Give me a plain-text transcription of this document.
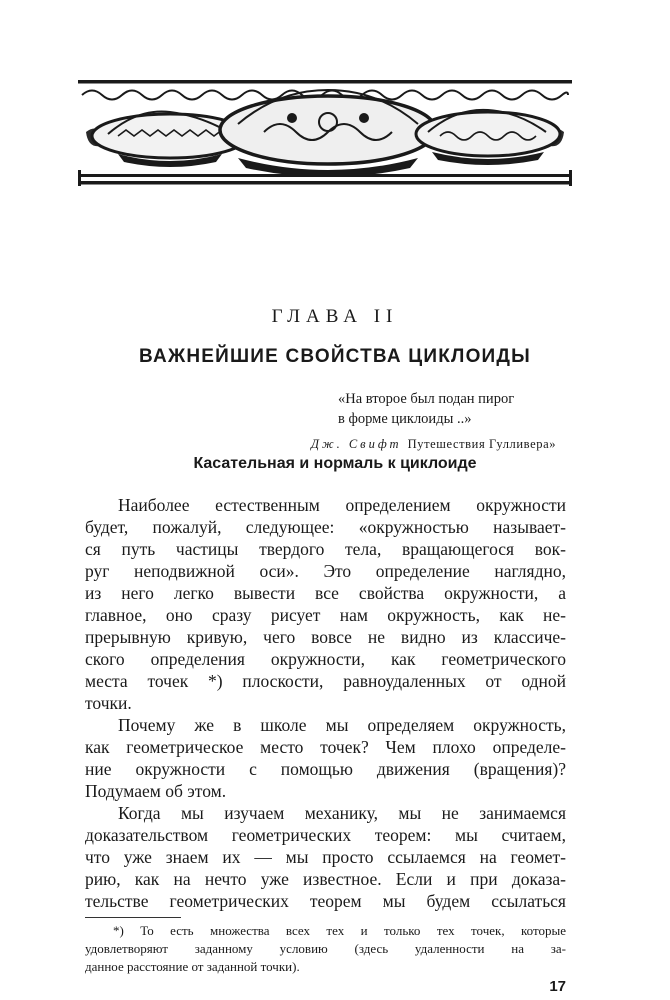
ГЛАВА II
ВАЖНЕЙШИЕ СВОЙСТВА ЦИКЛОИДЫ
«На второе был подан пирог
в форме циклоиды ..»
Дж. Свифт Путешествия Гулливера»
Касательная и нормаль к циклоиде
Наиболее естественным определением окружности
будет, пожалуй, следующее: «окружностью называет-
ся путь частицы твердого тела, вращающегося вок-
руг неподвижной оси». Это определение наглядно,
из него легко вывести все свойства окружности, а
главное, оно сразу рисует нам окружность, как не-
прерывную кривую, чего вовсе не видно из классиче-
ского определения окружности, как геометрического
места точек *) плоскости, равноудаленных от одной
точки.
Почему же в школе мы определяем окружность,
как геометрическое место точек? Чем плохо определе-
ние окружности с помощью движения (вращения)?
Подумаем об этом.
Когда мы изучаем механику, мы не занимаемся
доказательством геометрических теорем: мы считаем,
что уже знаем их — мы просто ссылаемся на геомет-
рию, как на нечто уже известное. Если и при доказа-
тельстве геометрических теорем мы будем ссылаться
*) То есть множества всех тех и только тех точек, которые
удовлетворяют заданному условию (здесь удаленности на за-
данное расстояние от заданной точки).
17
